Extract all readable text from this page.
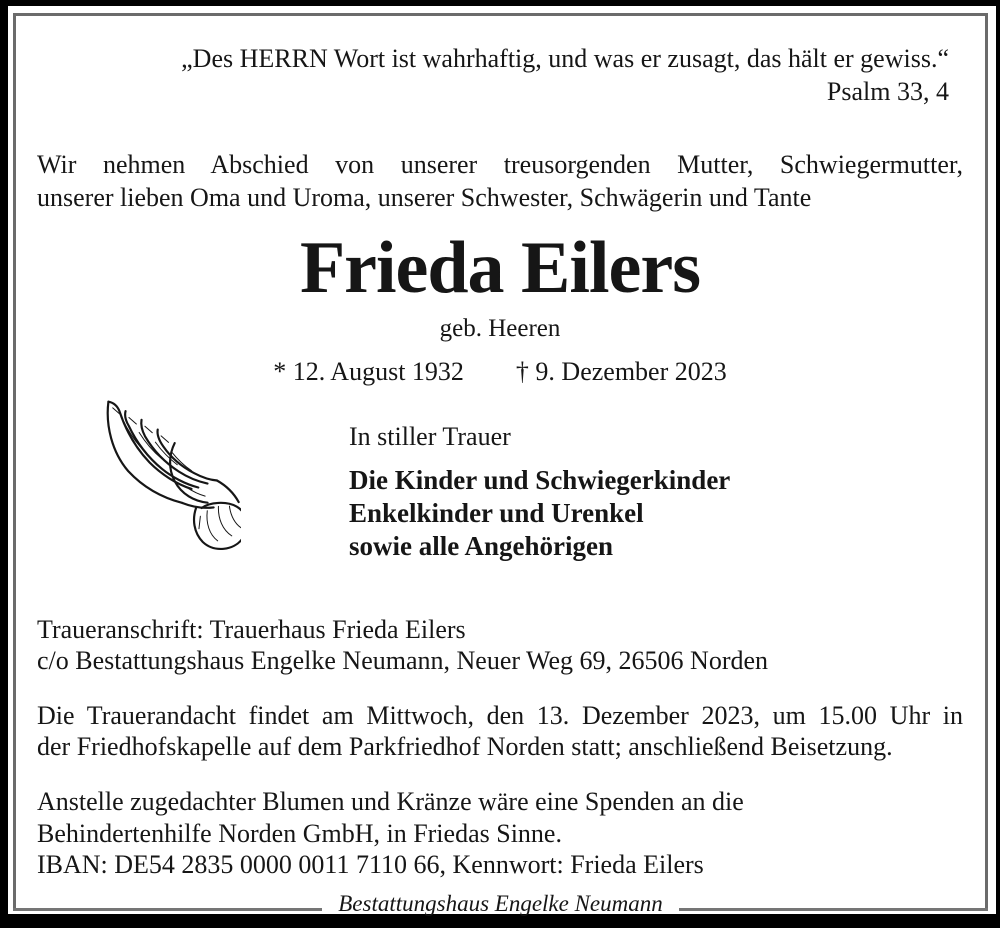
„Des HERRN Wort ist wahrhaftig, und was er zusagt, das hält er gewiss.“
Psalm 33, 4
Wir nehmen Abschied von unserer treusorgenden Mutter, Schwiegermutter,
unserer lieben Oma und Uroma, unserer Schwester, Schwägerin und Tante
Frieda Eilers
geb. Heeren
* 12. August 1932 † 9. Dezember 2023
In stiller Trauer
Die Kinder und Schwiegerkinder
Enkelkinder und Urenkel
sowie alle Angehörigen
Traueranschrift: Trauerhaus Frieda Eilers
c/o Bestattungshaus Engelke Neumann, Neuer Weg 69, 26506 Norden
Die Trauerandacht findet am Mittwoch, den 13. Dezember 2023, um 15.00 Uhr in
der Friedhofskapelle auf dem Parkfriedhof Norden statt; anschließend Beisetzung.
Anstelle zugedachter Blumen und Kränze wäre eine Spenden an die
Behindertenhilfe Norden GmbH, in Friedas Sinne.
IBAN: DE54 2835 0000 0011 7110 66, Kennwort: Frieda Eilers
Bestattungshaus Engelke Neumann
